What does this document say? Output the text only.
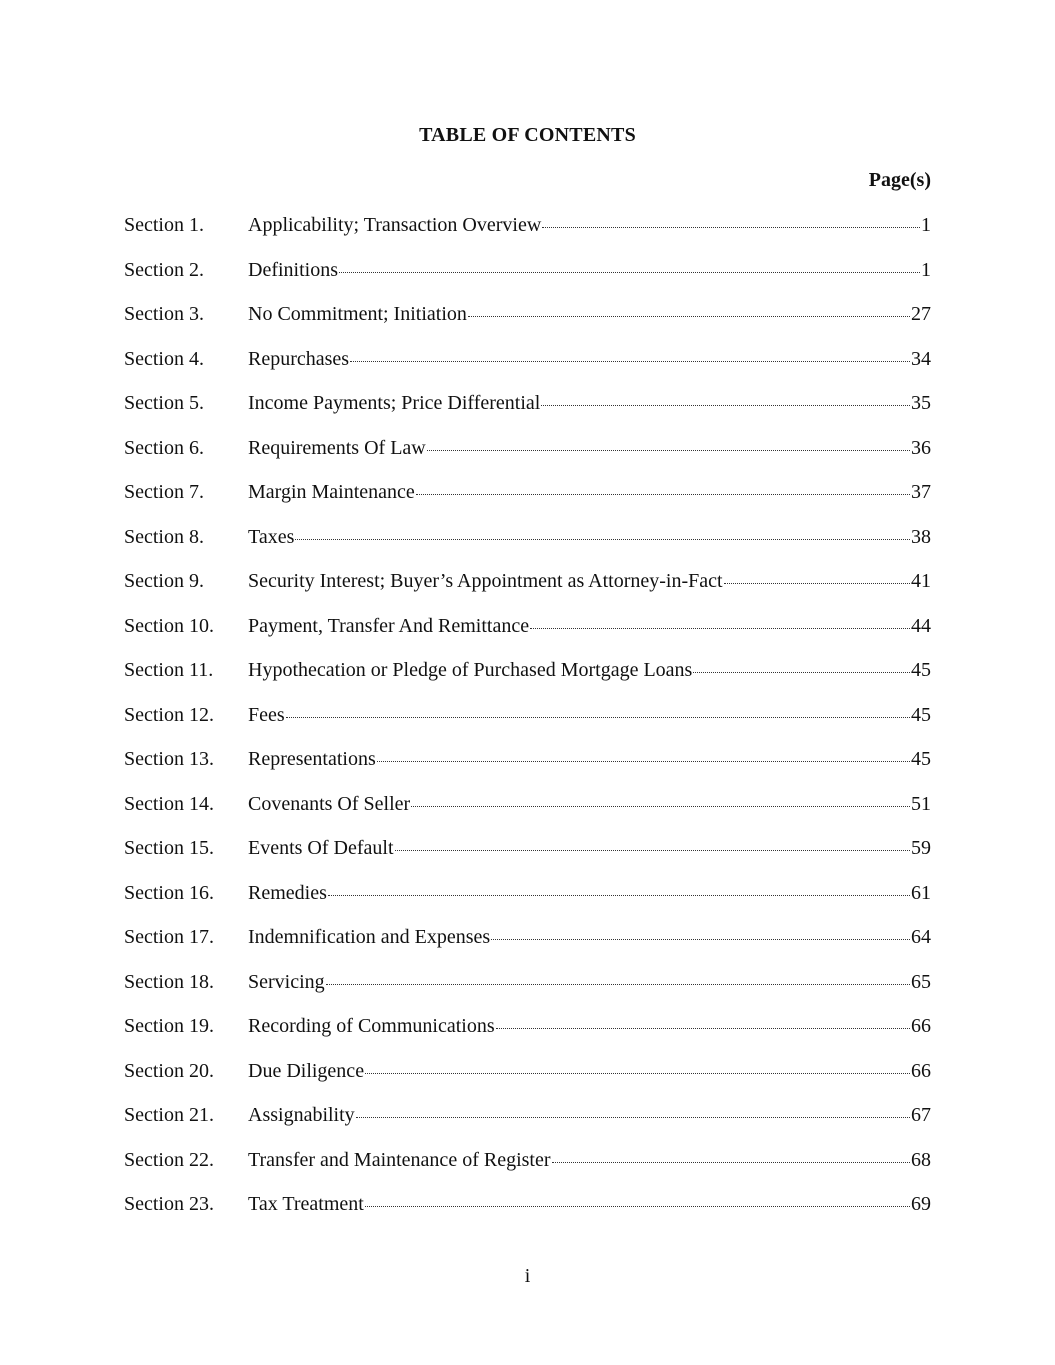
TABLE OF CONTENTS
Page(s)
Section 1.	Applicability; Transaction Overview	1
Section 2.	Definitions	1
Section 3.	No Commitment; Initiation	27
Section 4.	Repurchases	34
Section 5.	Income Payments; Price Differential	35
Section 6.	Requirements Of Law	36
Section 7.	Margin Maintenance	37
Section 8.	Taxes	38
Section 9.	Security Interest; Buyer’s Appointment as Attorney-in-Fact	41
Section 10.	Payment, Transfer And Remittance	44
Section 11.	Hypothecation or Pledge of Purchased Mortgage Loans	45
Section 12.	Fees	45
Section 13.	Representations	45
Section 14.	Covenants Of Seller	51
Section 15.	Events Of Default	59
Section 16.	Remedies	61
Section 17.	Indemnification and Expenses	64
Section 18.	Servicing	65
Section 19.	Recording of Communications	66
Section 20.	Due Diligence	66
Section 21.	Assignability	67
Section 22.	Transfer and Maintenance of Register	68
Section 23.	Tax Treatment	69
i
